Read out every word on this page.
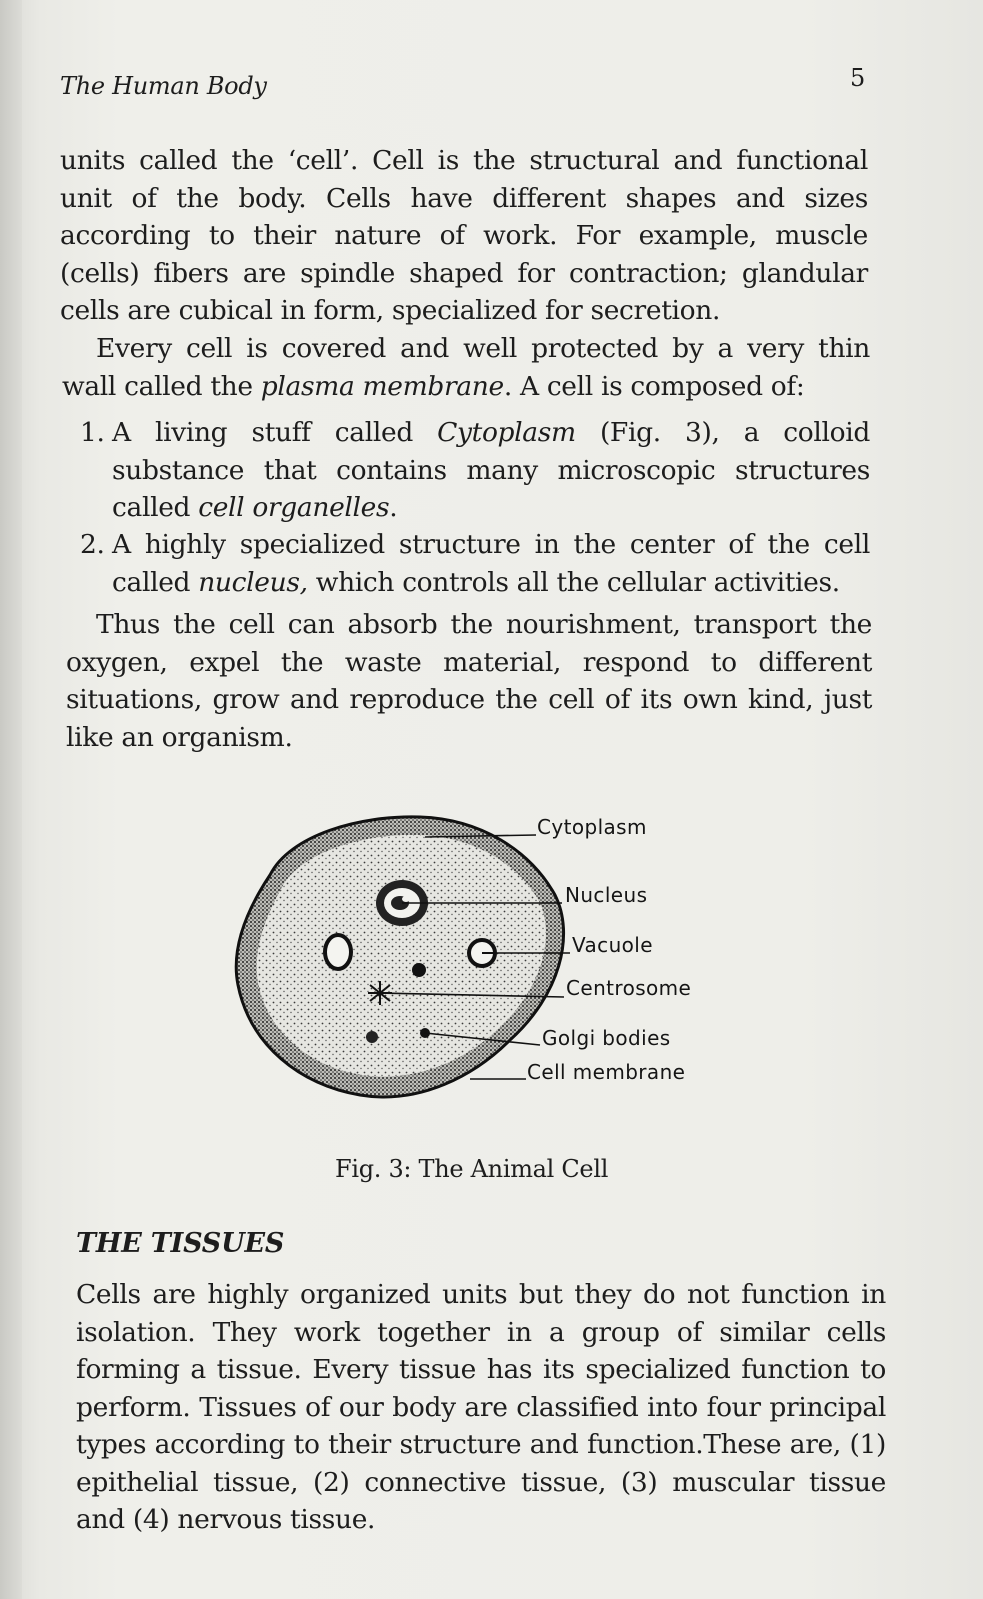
The Human Body	5

units called the ‘cell’. Cell is the structural and functional unit of the body. Cells have different shapes and sizes according to their nature of work. For example, muscle (cells) fibers are spindle shaped for contraction; glandular cells are cubical in form, specialized for secretion.

Every cell is covered and well protected by a very thin wall called the plasma membrane. A cell is composed of:

1. A living stuff called Cytoplasm (Fig. 3), a colloid substance that contains many microscopic structures called cell organelles.
2. A highly specialized structure in the center of the cell called nucleus, which controls all the cellular activities.

Thus the cell can absorb the nourishment, transport the oxygen, expel the waste material, respond to different situations, grow and reproduce the cell of its own kind, just like an organism.

Cytoplasm
Nucleus
Vacuole
Centrosome
Golgi bodies
Cell membrane
Fig. 3: The Animal Cell
THE TISSUES

Cells are highly organized units but they do not function in isolation. They work together in a group of similar cells forming a tissue. Every tissue has its specialized function to perform. Tissues of our body are classified into four principal types according to their structure and function.These are, (1) epithelial tissue, (2) connective tissue, (3) muscular tissue and (4) nervous tissue.
